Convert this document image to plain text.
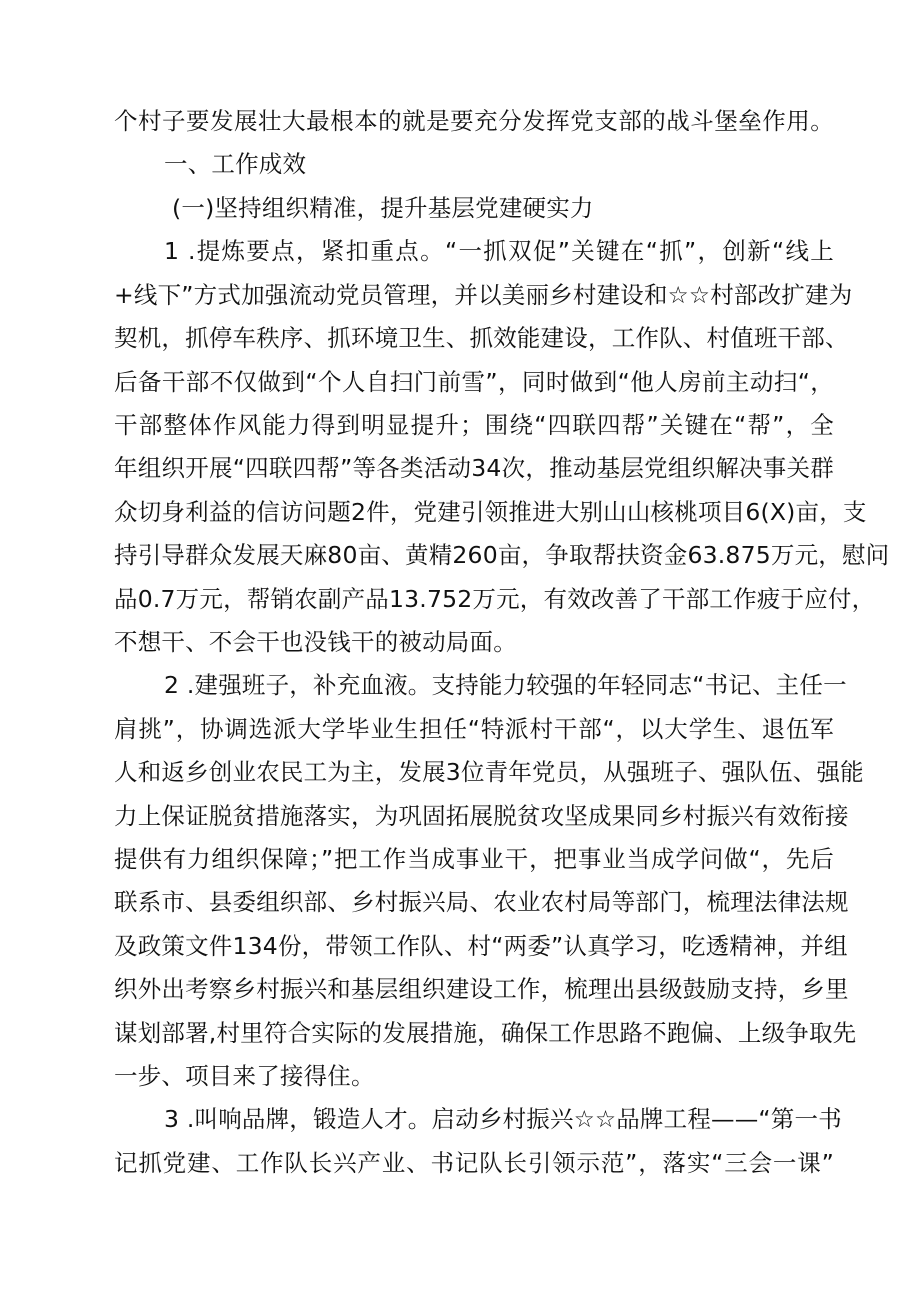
个村子要发展壮大最根本的就是要充分发挥党支部的战斗堡垒作用。
一、工作成效
(一)坚持组织精准，提升基层党建硬实力
1 .提炼要点，紧扣重点。“一抓双促”关键在“抓”，创新“线上
+线下”方式加强流动党员管理，并以美丽乡村建设和☆☆村部改扩建为
契机，抓停车秩序、抓环境卫生、抓效能建设，工作队、村值班干部、
后备干部不仅做到“个人自扫门前雪”，同时做到“他人房前主动扫“，
干部整体作风能力得到明显提升；围绕“四联四帮”关键在“帮”，全
年组织开展“四联四帮”等各类活动34次，推动基层党组织解决事关群
众切身利益的信访问题2件，党建引领推进大别山山核桃项目6(X)亩，支
持引导群众发展天麻80亩、黄精260亩，争取帮扶资金63.875万元，慰问
品0.7万元，帮销农副产品13.752万元，有效改善了干部工作疲于应付，
不想干、不会干也没钱干的被动局面。
2 .建强班子，补充血液。支持能力较强的年轻同志“书记、主任一
肩挑”，协调选派大学毕业生担任“特派村干部“，以大学生、退伍军
人和返乡创业农民工为主，发展3位青年党员，从强班子、强队伍、强能
力上保证脱贫措施落实，为巩固拓展脱贫攻坚成果同乡村振兴有效衔接
提供有力组织保障；”把工作当成事业干，把事业当成学问做“，先后
联系市、县委组织部、乡村振兴局、农业农村局等部门，梳理法律法规
及政策文件134份，带领工作队、村“两委”认真学习，吃透精神，并组
织外出考察乡村振兴和基层组织建设工作，梳理出县级鼓励支持，乡里
谋划部署,村里符合实际的发展措施，确保工作思路不跑偏、上级争取先
一步、项目来了接得住。
3 .叫响品牌，锻造人才。启动乡村振兴☆☆品牌工程——“第一书
记抓党建、工作队长兴产业、书记队长引领示范”，落实“三会一课”
